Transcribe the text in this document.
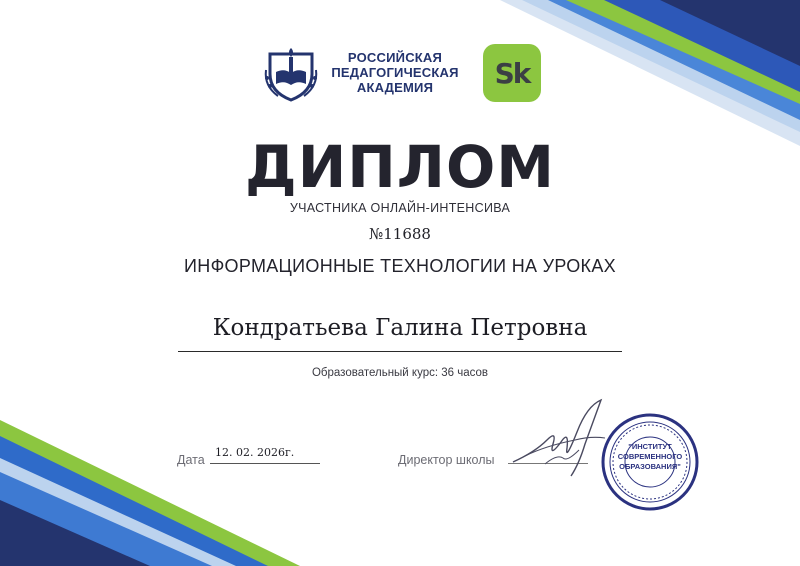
РОССИЙСКАЯ
ПЕДАГОГИЧЕСКАЯ
АКАДЕМИЯ	Sk
ДИПЛОМ
УЧАСТНИКА ОНЛАЙН-ИНТЕНСИВА
№11688
ИНФОРМАЦИОННЫЕ ТЕХНОЛОГИИ НА УРОКАХ
Кондратьева Галина Петровна
Образовательный курс: 36 часов
Дата
12. 02. 2026г.
Директор школы
"ИНСТИТУТ
СОВРЕМЕННОГО
ОБРАЗОВАНИЯ"
